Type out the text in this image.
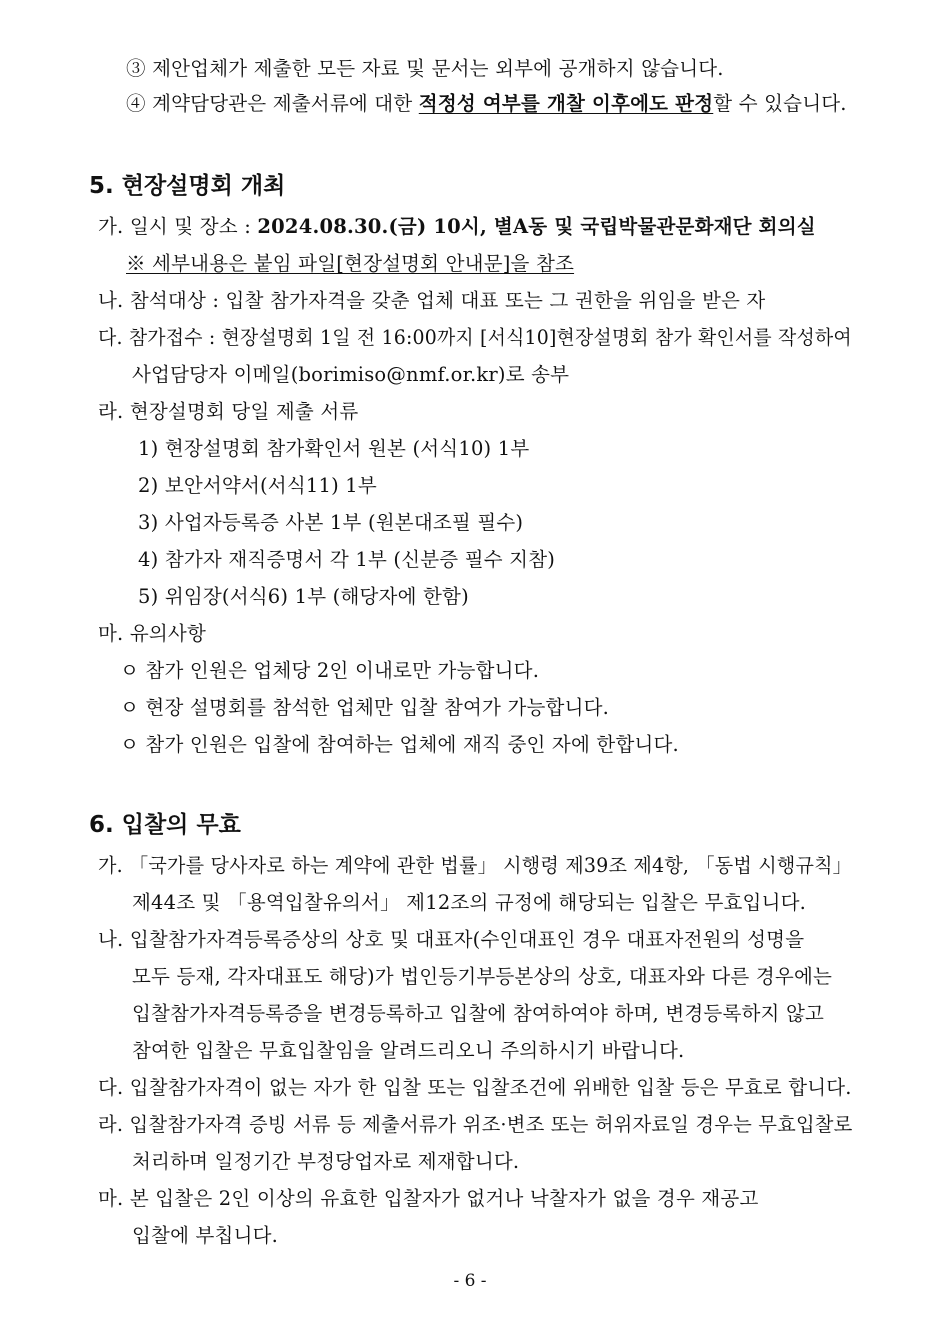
③ 제안업체가 제출한 모든 자료 및 문서는 외부에 공개하지 않습니다.
④ 계약담당관은 제출서류에 대한 적정성 여부를 개찰 이후에도 판정할 수 있습니다.
5. 현장설명회 개최
가. 일시 및 장소 : 2024.08.30.(금) 10시, 별A동 및 국립박물관문화재단 회의실
※ 세부내용은 붙임 파일[현장설명회 안내문]을 참조
나. 참석대상 : 입찰 참가자격을 갖춘 업체 대표 또는 그 권한을 위임을 받은 자
다. 참가접수 : 현장설명회 1일 전 16:00까지 [서식10]현장설명회 참가 확인서를 작성하여
사업담당자 이메일(borimiso@nmf.or.kr)로 송부
라. 현장설명회 당일 제출 서류
1) 현장설명회 참가확인서 원본 (서식10) 1부
2) 보안서약서(서식11) 1부
3) 사업자등록증 사본 1부 (원본대조필 필수)
4) 참가자 재직증명서 각 1부 (신분증 필수 지참)
5) 위임장(서식6) 1부 (해당자에 한함)
마. 유의사항
ㅇ 참가 인원은 업체당 2인 이내로만 가능합니다.
ㅇ 현장 설명회를 참석한 업체만 입찰 참여가 가능합니다.
ㅇ 참가 인원은 입찰에 참여하는 업체에 재직 중인 자에 한합니다.
6. 입찰의 무효
가. 「국가를 당사자로 하는 계약에 관한 법률」 시행령 제39조 제4항, 「동법 시행규칙」
제44조 및 「용역입찰유의서」 제12조의 규정에 해당되는 입찰은 무효입니다.
나. 입찰참가자격등록증상의 상호 및 대표자(수인대표인 경우 대표자전원의 성명을
모두 등재, 각자대표도 해당)가 법인등기부등본상의 상호, 대표자와 다른 경우에는
입찰참가자격등록증을 변경등록하고 입찰에 참여하여야 하며, 변경등록하지 않고
참여한 입찰은 무효입찰임을 알려드리오니 주의하시기 바랍니다.
다. 입찰참가자격이 없는 자가 한 입찰 또는 입찰조건에 위배한 입찰 등은 무효로 합니다.
라. 입찰참가자격 증빙 서류 등 제출서류가 위조·변조 또는 허위자료일 경우는 무효입찰로
처리하며 일정기간 부정당업자로 제재합니다.
마. 본 입찰은 2인 이상의 유효한 입찰자가 없거나 낙찰자가 없을 경우 재공고
입찰에 부칩니다.
- 6 -
